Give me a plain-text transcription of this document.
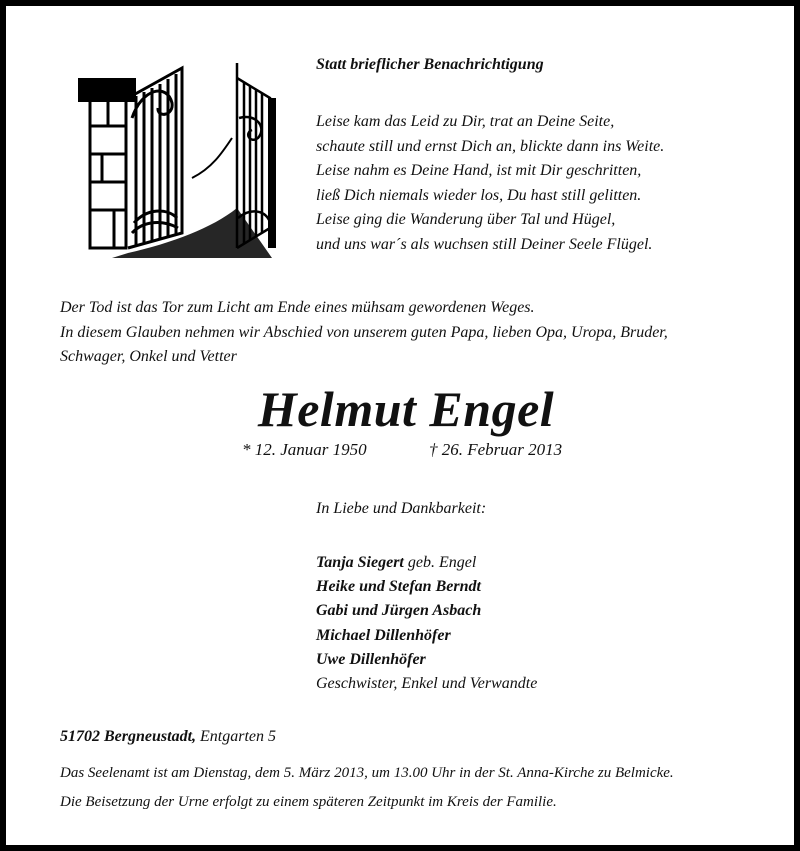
Statt brieflicher Benachrichtigung
Leise kam das Leid zu Dir, trat an Deine Seite,
schaute still und ernst Dich an, blickte dann ins Weite.
Leise nahm es Deine Hand, ist mit Dir geschritten,
ließ Dich niemals wieder los, Du hast still gelitten.
Leise ging die Wanderung über Tal und Hügel,
und uns war´s als wuchsen still Deiner Seele Flügel.
Der Tod ist das Tor zum Licht am Ende eines mühsam gewordenen Weges.
In diesem Glauben nehmen wir Abschied von unserem guten Papa, lieben Opa, Uropa, Bruder,
Schwager, Onkel und Vetter
Helmut Engel
* 12. Januar 1950	† 26. Februar 2013
In Liebe und Dankbarkeit:
Tanja Siegert geb. Engel
Heike und Stefan Berndt
Gabi und Jürgen Asbach
Michael Dillenhöfer
Uwe Dillenhöfer
Geschwister, Enkel und Verwandte
51702 Bergneustadt, Entgarten 5
Das Seelenamt ist am Dienstag, dem 5. März 2013, um 13.00 Uhr in der St. Anna-Kirche zu Belmicke.
Die Beisetzung der Urne erfolgt zu einem späteren Zeitpunkt im Kreis der Familie.
